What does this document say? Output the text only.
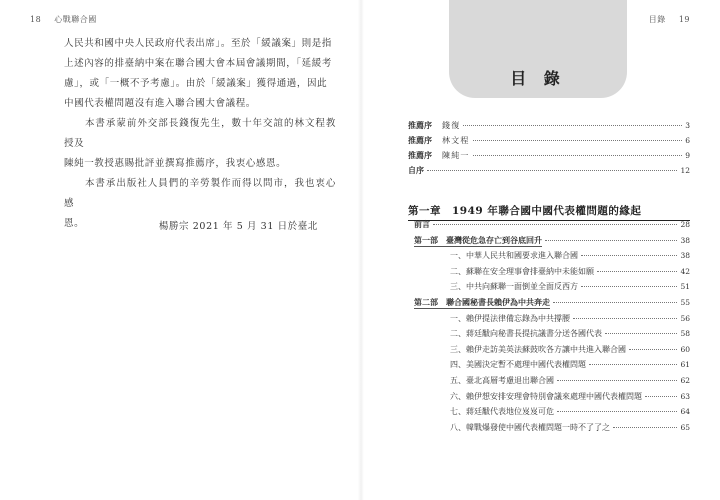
18 心戰聯合國

人民共和國中央人民政府代表出席」。至於「緩議案」則是指
上述內容的排臺納中案在聯合國大會本屆會議期間，「延緩考
慮」，或「一概不予考慮」。由於「緩議案」獲得通過，因此
中國代表權問題沒有進入聯合國大會議程。

　　本書承蒙前外交部長錢復先生，數十年交誼的林文程教授及
陳純一教授惠賜批評並撰寫推薦序，我衷心感恩。

　　本書承出版社人員們的辛勞製作而得以問市，我也衷心感
恩。	楊勝宗 2021 年 5 月 31 日於臺北
目錄 19
目 錄
推薦序 錢復	3
推薦序 林文程	6
推薦序 陳純一	9
自序	12
第一章　1949 年聯合國中國代表權問題的緣起
前言	28
第一部　臺灣從危急存亡到谷底回升	38
一、中華人民共和國要求進入聯合國	38
二、蘇聯在安全理事會排臺納中未能如願	42
三、中共向蘇聯一面倒並全面反西方	51
第二部　聯合國秘書長賴伊為中共奔走	55
一、賴伊提法律備忘錄為中共撐腰	56
二、蔣廷黻向秘書長提抗議書分送各國代表	58
三、賴伊走訪美英法蘇鼓吹各方讓中共進入聯合國	60
四、美國決定暫不處理中國代表權問題	61
五、臺北高層考慮退出聯合國	62
六、賴伊想安排安理會特別會議來處理中國代表權問題	63
七、蔣廷黻代表地位岌岌可危	64
八、韓戰爆發使中國代表權問題一時不了了之	65
